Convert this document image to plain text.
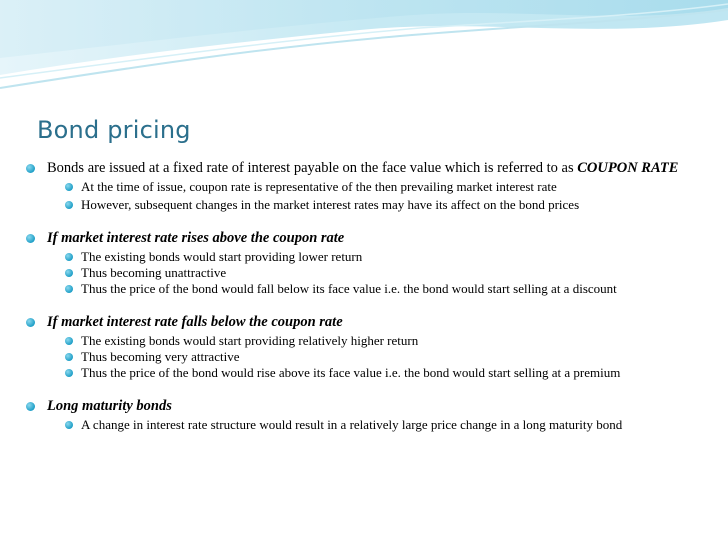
Bond pricing
Bonds are issued at a fixed rate of interest payable on the face value which is referred to as COUPON RATE
At the time of issue, coupon rate is representative of the then prevailing market interest rate
However, subsequent changes in the market interest rates may have its affect on the bond prices
If market interest rate rises above the coupon rate
The existing bonds would start providing lower return
Thus becoming unattractive
Thus the price of the bond would fall below its face value i.e. the bond would start selling at a discount
If market interest rate falls below the coupon rate
The existing bonds would start providing relatively higher return
Thus becoming very attractive
Thus the price of the bond would rise above its face value i.e. the bond would start selling at a premium
Long maturity bonds
A change in interest rate structure would result in a relatively large price change in a long maturity bond
